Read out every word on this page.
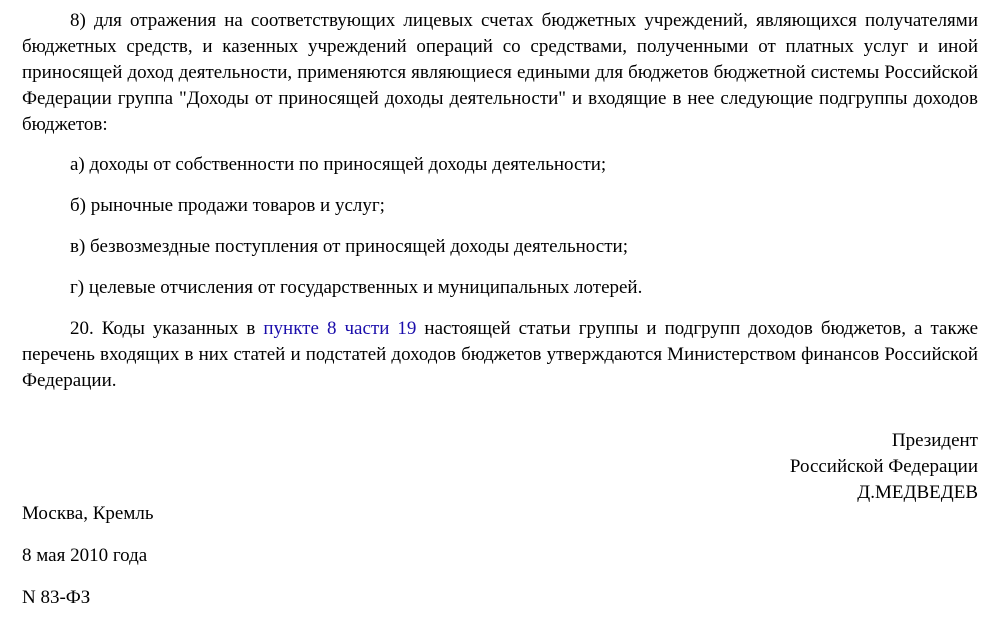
8) для отражения на соответствующих лицевых счетах бюджетных учреждений, являющихся получателями бюджетных средств, и казенных учреждений операций со средствами, полученными от платных услуг и иной приносящей доход деятельности, применяются являющиеся едиными для бюджетов бюджетной системы Российской Федерации группа "Доходы от приносящей доходы деятельности" и входящие в нее следующие подгруппы доходов бюджетов:

а) доходы от собственности по приносящей доходы деятельности;

б) рыночные продажи товаров и услуг;

в) безвозмездные поступления от приносящей доходы деятельности;

г) целевые отчисления от государственных и муниципальных лотерей.

20. Коды указанных в пункте 8 части 19 настоящей статьи группы и подгрупп доходов бюджетов, а также перечень входящих в них статей и подстатей доходов бюджетов утверждаются Министерством финансов Российской Федерации.

Президент
Российской Федерации
Д.МЕДВЕДЕВ
Москва, Кремль
8 мая 2010 года
N 83-ФЗ
